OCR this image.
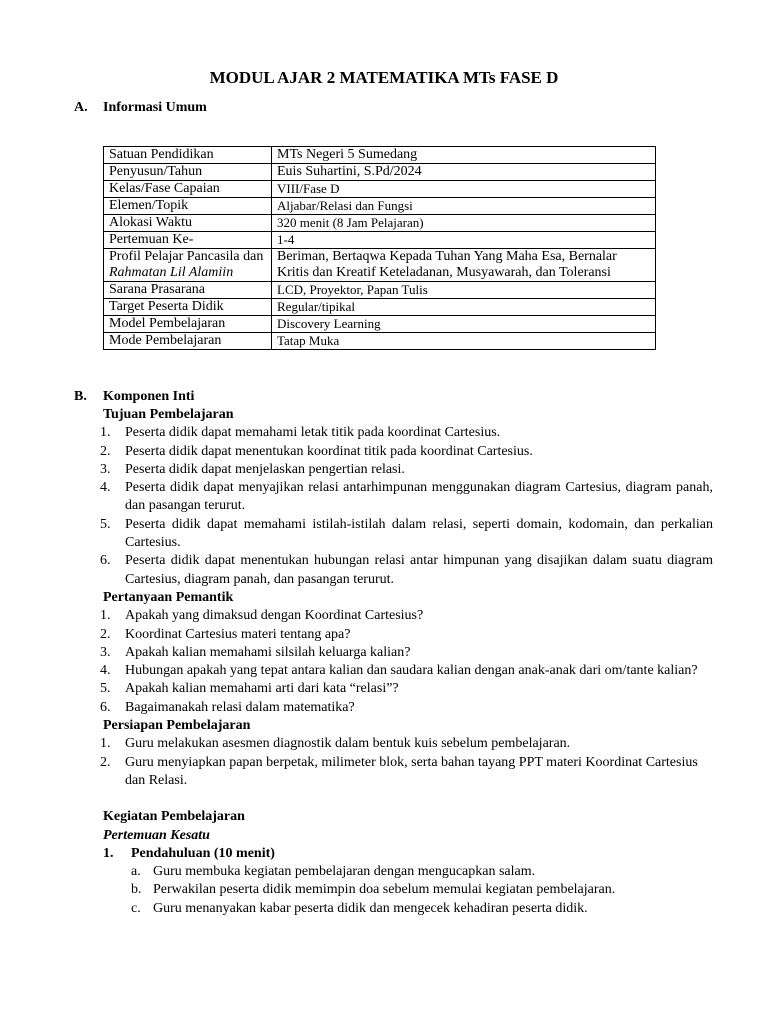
MODUL AJAR 2 MATEMATIKA MTs FASE D
A. Informasi Umum
Satuan Pendidikan	MTs Negeri 5 Sumedang
Penyusun/Tahun	Euis Suhartini, S.Pd/2024
Kelas/Fase Capaian	VIII/Fase D
Elemen/Topik	Aljabar/Relasi dan Fungsi
Alokasi Waktu	320 menit (8 Jam Pelajaran)
Pertemuan Ke-	1-4
Profil Pelajar Pancasila dan Rahmatan Lil Alamiin	Beriman, Bertaqwa Kepada Tuhan Yang Maha Esa, Bernalar Kritis dan Kreatif Keteladanan, Musyawarah, dan Toleransi
Sarana Prasarana	LCD, Proyektor, Papan Tulis
Target Peserta Didik	Regular/tipikal
Model Pembelajaran	Discovery Learning
Mode Pembelajaran	Tatap Muka
B. Komponen Inti
Tujuan Pembelajaran
1. Peserta didik dapat memahami letak titik pada koordinat Cartesius.
2. Peserta didik dapat menentukan koordinat titik pada koordinat Cartesius.
3. Peserta didik dapat menjelaskan pengertian relasi.
4. Peserta didik dapat menyajikan relasi antarhimpunan menggunakan diagram Cartesius, diagram panah, dan pasangan terurut.
5. Peserta didik dapat memahami istilah-istilah dalam relasi, seperti domain, kodomain, dan perkalian Cartesius.
6. Peserta didik dapat menentukan hubungan relasi antar himpunan yang disajikan dalam suatu diagram Cartesius, diagram panah, dan pasangan terurut.
Pertanyaan Pemantik
1. Apakah yang dimaksud dengan Koordinat Cartesius?
2. Koordinat Cartesius materi tentang apa?
3. Apakah kalian memahami silsilah keluarga kalian?
4. Hubungan apakah yang tepat antara kalian dan saudara kalian dengan anak-anak dari om/tante kalian?
5. Apakah kalian memahami arti dari kata “relasi”?
6. Bagaimanakah relasi dalam matematika?
Persiapan Pembelajaran
1. Guru melakukan asesmen diagnostik dalam bentuk kuis sebelum pembelajaran.
2. Guru menyiapkan papan berpetak, milimeter blok, serta bahan tayang PPT materi Koordinat Cartesius dan Relasi.
Kegiatan Pembelajaran
Pertemuan Kesatu
1. Pendahuluan (10 menit)
a. Guru membuka kegiatan pembelajaran dengan mengucapkan salam.
b. Perwakilan peserta didik memimpin doa sebelum memulai kegiatan pembelajaran.
c. Guru menanyakan kabar peserta didik dan mengecek kehadiran peserta didik.
